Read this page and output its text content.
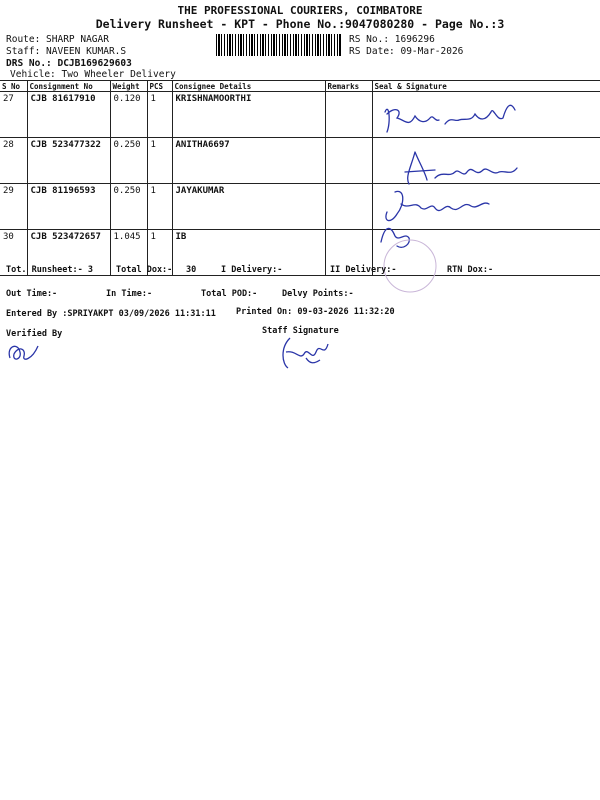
THE PROFESSIONAL COURIERS, COIMBATORE
Delivery Runsheet - KPT - Phone No.:9047080280 - Page No.:3
Route: SHARP NAGAR
Staff: NAVEEN KUMAR.S
DRS No.: DCJB169629603
Vehicle: Two Wheeler Delivery
RS No.: 1696296
RS Date: 09-Mar-2026
S No	Consignment No	Weight	PCS	Consignee Details	Remarks	Seal & Signature
27	CJB 81617910	0.120	1	KRISHNAMOORTHI		
28	CJB 523477322	0.250	1	ANITHA6697		
29	CJB 81196593	0.250	1	JAYAKUMAR		
30	CJB 523472657	1.045	1	IB		
Tot. Runsheet:- 3	Total Dox:- 30	I Delivery:-	II Delivery:-	RTN Dox:-
Out Time:-	In Time:-	Total POD:-	Delvy Points:-
Entered By :SPRIYAKPT 03/09/2026 11:31:11 Printed On: 09-03-2026 11:32:20
Verified By	Staff Signature
